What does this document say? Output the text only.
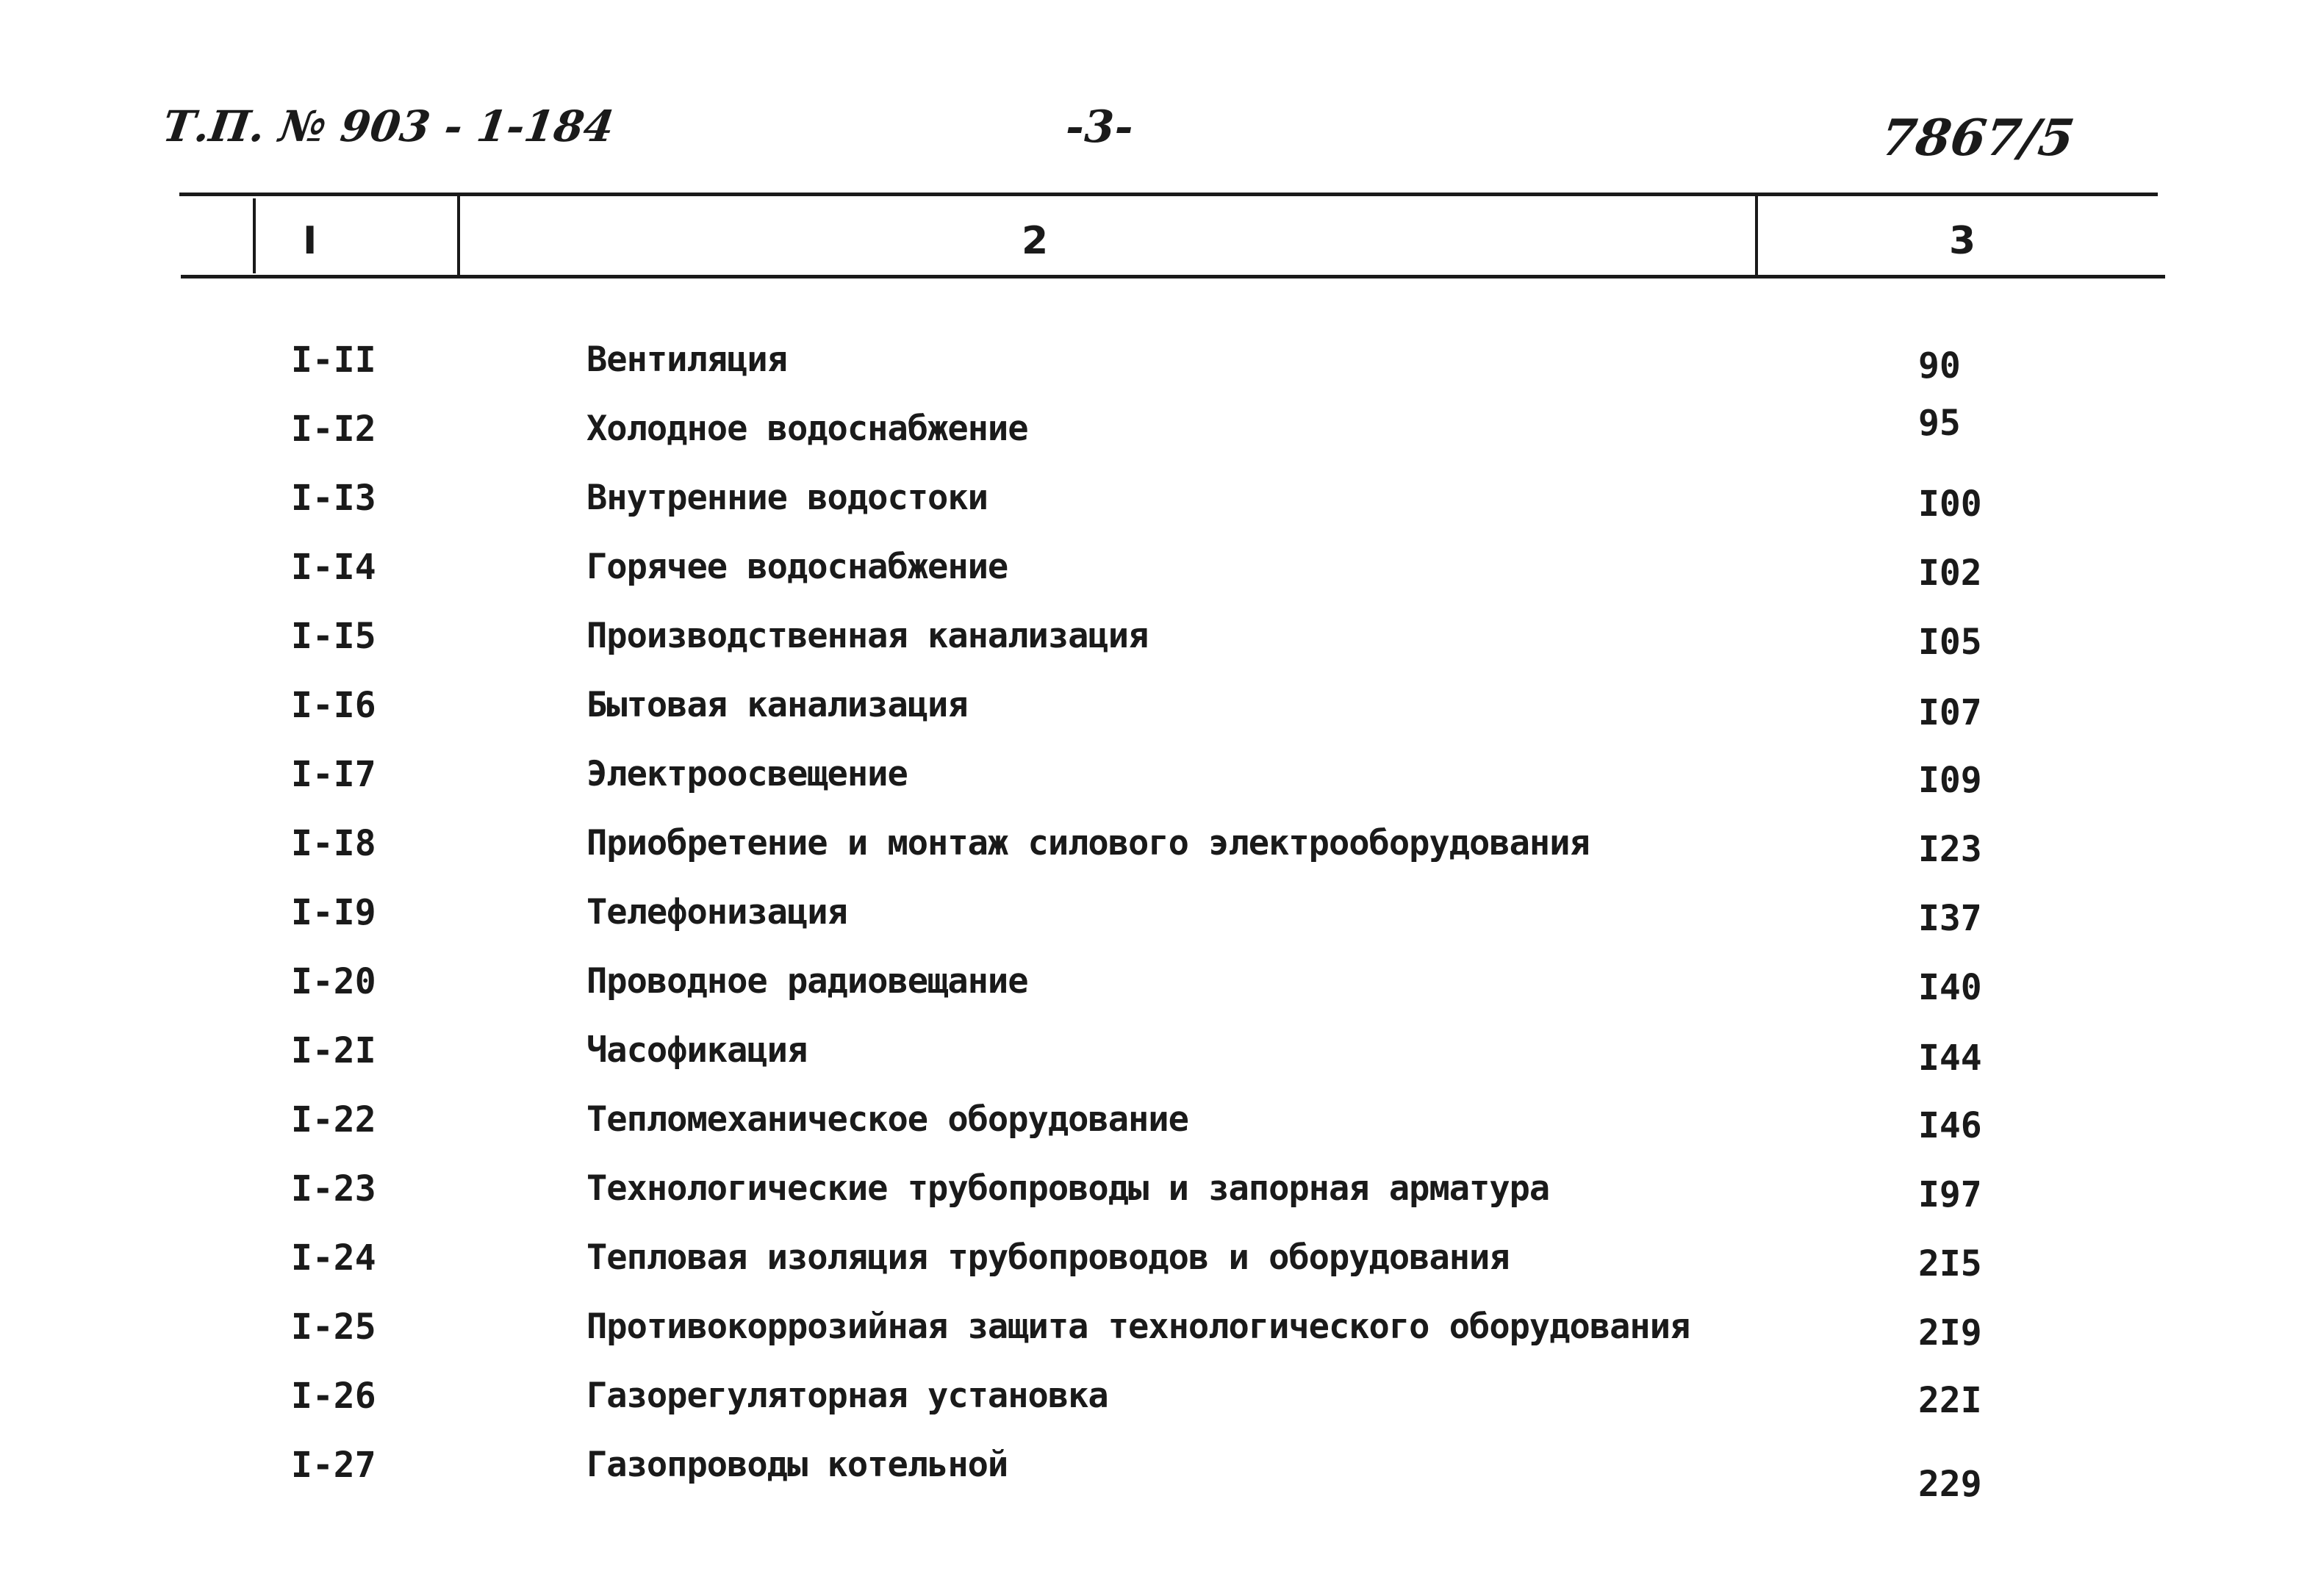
Т.П. № 903 - 1-184	-3-	7867/5
I	2	3
I-II	Вентиляция	90
I-I2	Холодное водоснабжение	95
I-I3	Внутренние водостоки	I00
I-I4	Горячее водоснабжение	I02
I-I5	Производственная канализация	I05
I-I6	Бытовая канализация	I07
I-I7	Электроосвещение	I09
I-I8	Приобретение и монтаж силового электрооборудования	I23
I-I9	Телефонизация	I37
I-20	Проводное радиовещание	I40
I-2I	Часофикация	I44
I-22	Тепломеханическое оборудование	I46
I-23	Технологические трубопроводы и запорная арматура	I97
I-24	Тепловая изоляция трубопроводов и оборудования	2I5
I-25	Противокоррозийная защита технологического оборудования	2I9
I-26	Газорегуляторная установка	22I
I-27	Газопроводы котельной	229
